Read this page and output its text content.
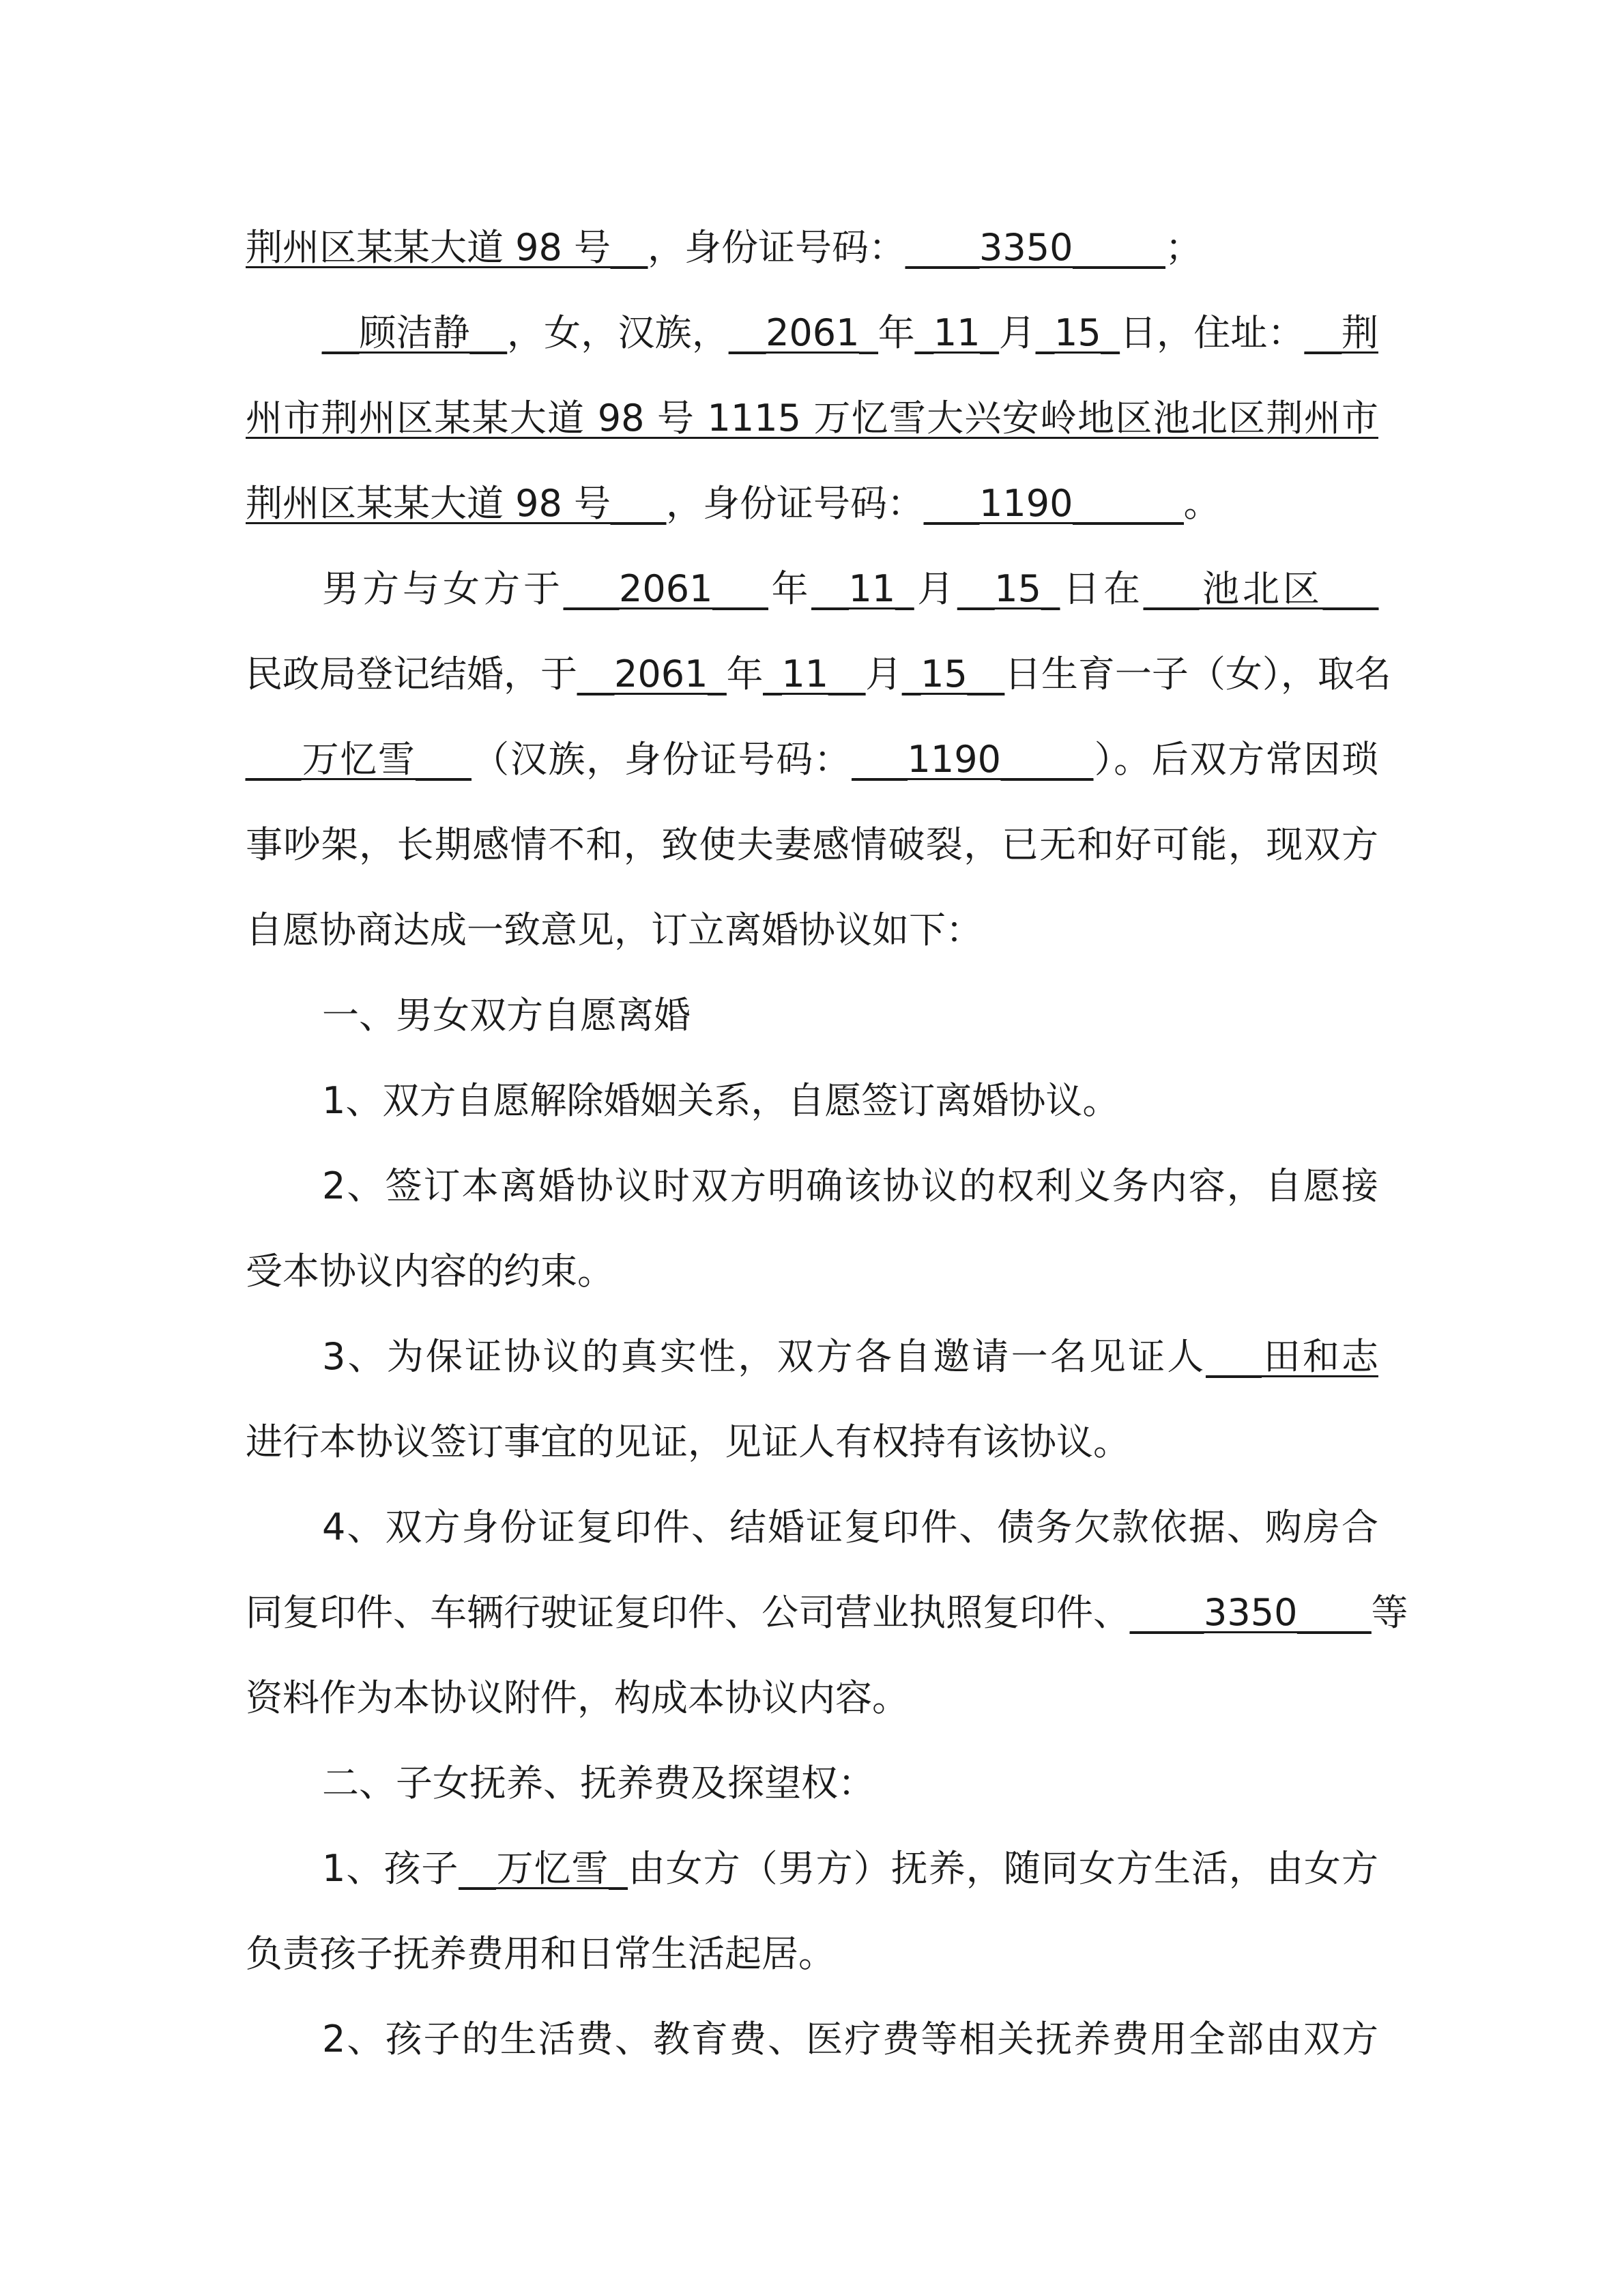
荆州区某某大道 98 号__，身份证号码：____3350_____；
__顾洁静__，女，汉族，__2061_年_11_月_15_日，住址：__荆
州市荆州区某某大道 98 号 1115 万忆雪大兴安岭地区池北区荆州市
荆州区某某大道 98 号___，身份证号码：___1190______。
男方与女方于___2061___年__11_月__15_日在___池北区___
民政局登记结婚，于__2061_年_11__月_15__日生育一子（女），取名
___万忆雪___（汉族，身份证号码：___1190_____）。后双方常因琐
事吵架，长期感情不和，致使夫妻感情破裂，已无和好可能，现双方
自愿协商达成一致意见，订立离婚协议如下：
一、男女双方自愿离婚
1、双方自愿解除婚姻关系，自愿签订离婚协议。
2、签订本离婚协议时双方明确该协议的权利义务内容，自愿接
受本协议内容的约束。
3、为保证协议的真实性，双方各自邀请一名见证人___田和志
进行本协议签订事宜的见证，见证人有权持有该协议。
4、双方身份证复印件、结婚证复印件、债务欠款依据、购房合
同复印件、车辆行驶证复印件、公司营业执照复印件、____3350____等
资料作为本协议附件，构成本协议内容。
二、子女抚养、抚养费及探望权：
1、孩子__万忆雪_由女方（男方）抚养，随同女方生活，由女方
负责孩子抚养费用和日常生活起居。
2、孩子的生活费、教育费、医疗费等相关抚养费用全部由双方
